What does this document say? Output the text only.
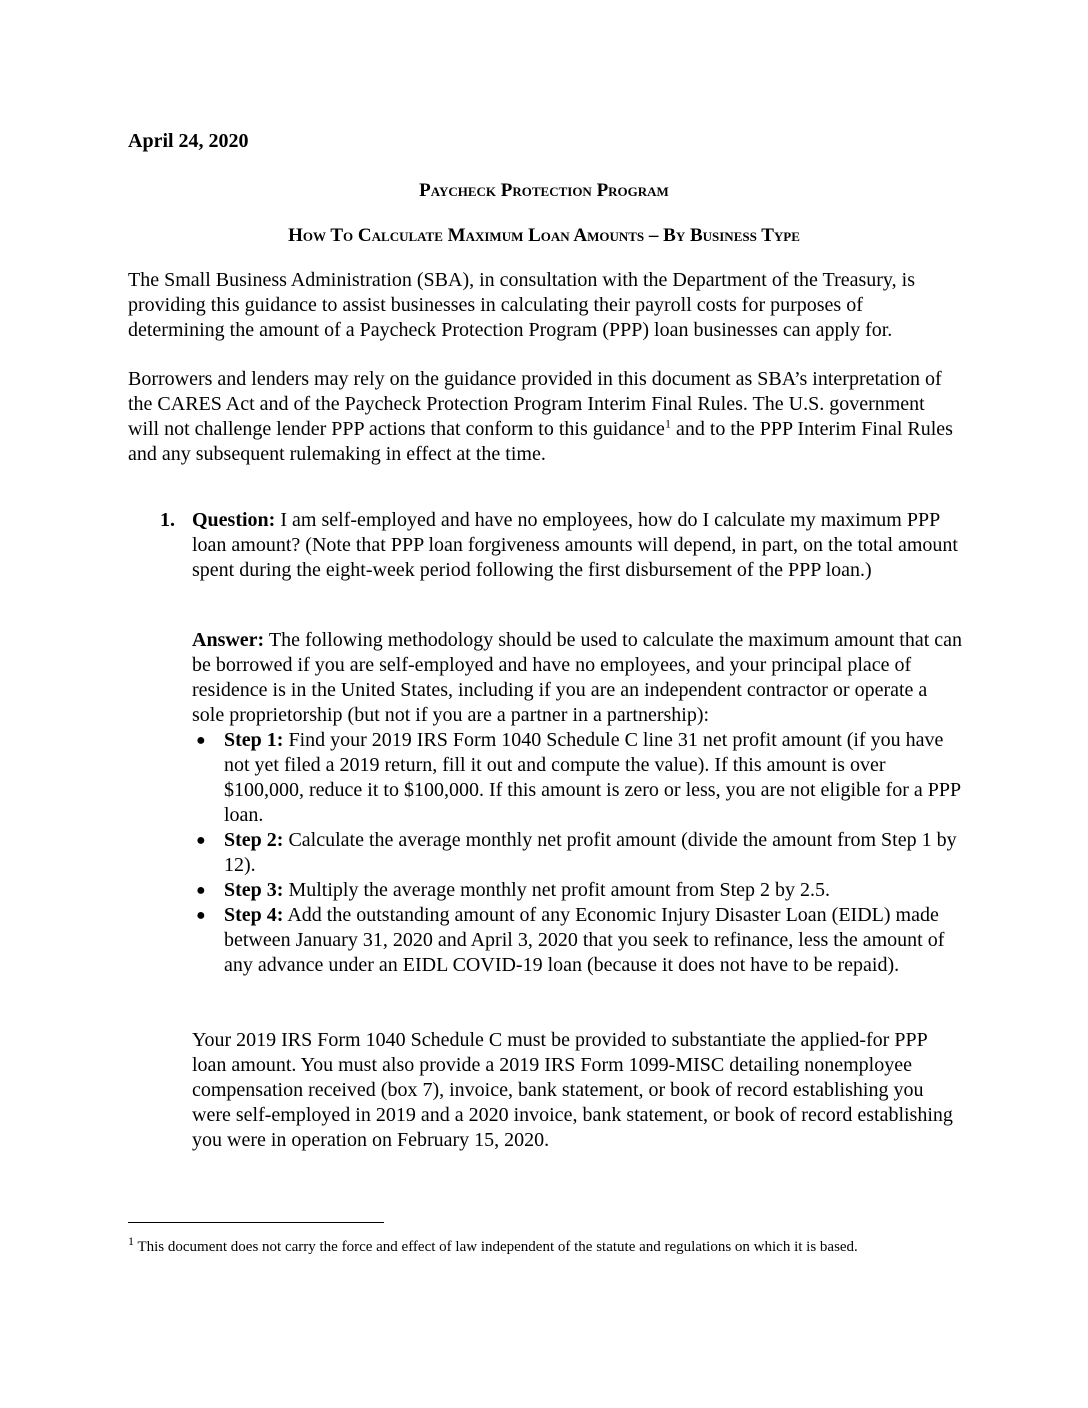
April 24, 2020
Paycheck Protection Program
How To Calculate Maximum Loan Amounts – By Business Type

The Small Business Administration (SBA), in consultation with the Department of the Treasury, is providing this guidance to assist businesses in calculating their payroll costs for purposes of determining the amount of a Paycheck Protection Program (PPP) loan businesses can apply for.

Borrowers and lenders may rely on the guidance provided in this document as SBA’s interpretation of the CARES Act and of the Paycheck Protection Program Interim Final Rules. The U.S. government will not challenge lender PPP actions that conform to this guidance$^1$ and to the PPP Interim Final Rules and any subsequent rulemaking in effect at the time.

1. Question: I am self-employed and have no employees, how do I calculate my maximum PPP loan amount? (Note that PPP loan forgiveness amounts will depend, in part, on the total amount spent during the eight-week period following the first disbursement of the PPP loan.)

Answer: The following methodology should be used to calculate the maximum amount that can be borrowed if you are self-employed and have no employees, and your principal place of residence is in the United States, including if you are an independent contractor or operate a sole proprietorship (but not if you are a partner in a partnership):

● Step 1: Find your 2019 IRS Form 1040 Schedule C line 31 net profit amount (if you have not yet filed a 2019 return, fill it out and compute the value). If this amount is over $100,000, reduce it to $100,000. If this amount is zero or less, you are not eligible for a PPP loan.
● Step 2: Calculate the average monthly net profit amount (divide the amount from Step 1 by 12).
● Step 3: Multiply the average monthly net profit amount from Step 2 by 2.5.
● Step 4: Add the outstanding amount of any Economic Injury Disaster Loan (EIDL) made between January 31, 2020 and April 3, 2020 that you seek to refinance, less the amount of any advance under an EIDL COVID-19 loan (because it does not have to be repaid).

Your 2019 IRS Form 1040 Schedule C must be provided to substantiate the applied-for PPP loan amount. You must also provide a 2019 IRS Form 1099-MISC detailing nonemployee compensation received (box 7), invoice, bank statement, or book of record establishing you were self-employed in 2019 and a 2020 invoice, bank statement, or book of record establishing you were in operation on February 15, 2020.

$^1$ This document does not carry the force and effect of law independent of the statute and regulations on which it is based.
